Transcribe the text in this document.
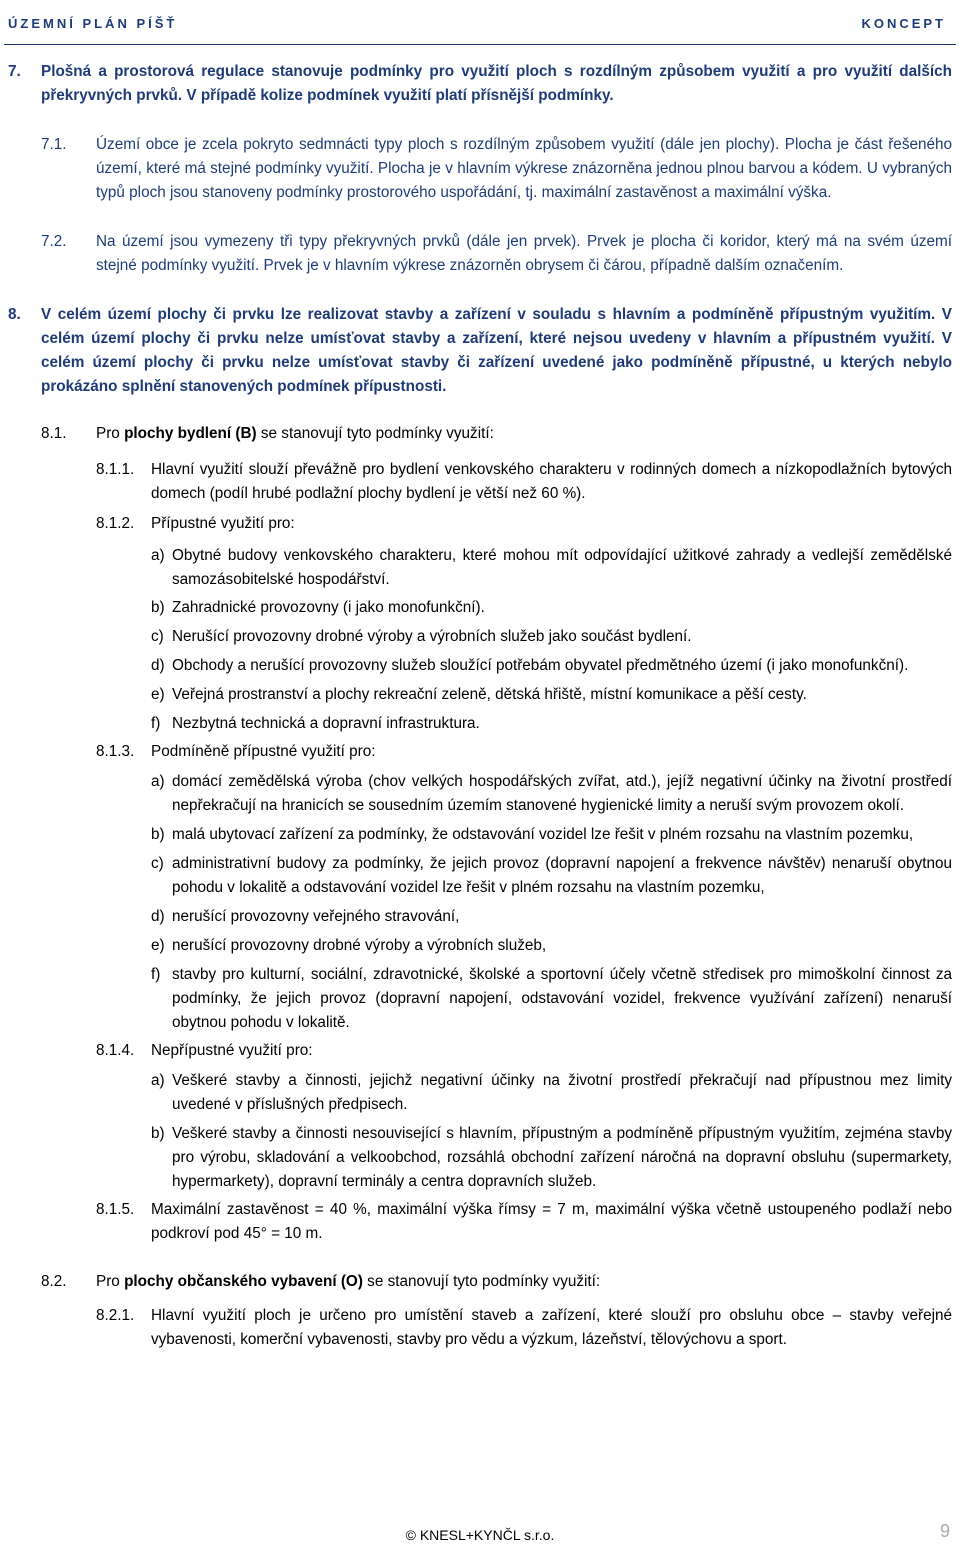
ÚZEMNÍ PLÁN PÍŠŤ	KONCEPT
7. Plošná a prostorová regulace stanovuje podmínky pro využití ploch s rozdílným způsobem využití a pro využití dalších překryvných prvků. V případě kolize podmínek využití platí přísnější podmínky.
7.1. Území obce je zcela pokryto sedmnácti typy ploch s rozdílným způsobem využití (dále jen plochy). Plocha je část řešeného území, které má stejné podmínky využití. Plocha je v hlavním výkrese znázorněna jednou plnou barvou a kódem. U vybraných typů ploch jsou stanoveny podmínky prostorového uspořádání, tj. maximální zastavěnost a maximální výška.
7.2. Na území jsou vymezeny tři typy překryvných prvků (dále jen prvek). Prvek je plocha či koridor, který má na svém území stejné podmínky využití. Prvek je v hlavním výkrese znázorněn obrysem či čárou, případně dalším označením.
8. V celém území plochy či prvku lze realizovat stavby a zařízení v souladu s hlavním a podmíněně přípustným využitím. V celém území plochy či prvku nelze umísťovat stavby a zařízení, které nejsou uvedeny v hlavním a přípustném využití. V celém území plochy či prvku nelze umísťovat stavby či zařízení uvedené jako podmíněně přípustné, u kterých nebylo prokázáno splnění stanovených podmínek přípustnosti.
8.1. Pro plochy bydlení (B) se stanovují tyto podmínky využití:
8.1.1. Hlavní využití slouží převážně pro bydlení venkovského charakteru v rodinných domech a nízkopodlažních bytových domech (podíl hrubé podlažní plochy bydlení je větší než 60 %).
8.1.2. Přípustné využití pro:
a) Obytné budovy venkovského charakteru, které mohou mít odpovídající užitkové zahrady a vedlejší zemědělské samozásobitelské hospodářství.
b) Zahradnické provozovny (i jako monofunkční).
c) Nerušící provozovny drobné výroby a výrobních služeb jako součást bydlení.
d) Obchody a nerušící provozovny služeb sloužící potřebám obyvatel předmětného území (i jako monofunkční).
e) Veřejná prostranství a plochy rekreační zeleně, dětská hřiště, místní komunikace a pěší cesty.
f) Nezbytná technická a dopravní infrastruktura.
8.1.3. Podmíněně přípustné využití pro:
a) domácí zemědělská výroba (chov velkých hospodářských zvířat, atd.), jejíž negativní účinky na životní prostředí nepřekračují na hranicích se sousedním územím stanovené hygienické limity a neruší svým provozem okolí.
b) malá ubytovací zařízení za podmínky, že odstavování vozidel lze řešit v plném rozsahu na vlastním pozemku,
c) administrativní budovy za podmínky, že jejich provoz (dopravní napojení a frekvence návštěv) nenaruší obytnou pohodu v lokalitě a odstavování vozidel lze řešit v plném rozsahu na vlastním pozemku,
d) nerušící provozovny veřejného stravování,
e) nerušící provozovny drobné výroby a výrobních služeb,
f) stavby pro kulturní, sociální, zdravotnické, školské a sportovní účely včetně středisek pro mimoškolní činnost za podmínky, že jejich provoz (dopravní napojení, odstavování vozidel, frekvence využívání zařízení) nenaruší obytnou pohodu v lokalitě.
8.1.4. Nepřípustné využití pro:
a) Veškeré stavby a činnosti, jejichž negativní účinky na životní prostředí překračují nad přípustnou mez limity uvedené v příslušných předpisech.
b) Veškeré stavby a činnosti nesouvisející s hlavním, přípustným a podmíněně přípustným využitím, zejména stavby pro výrobu, skladování a velkoobchod, rozsáhlá obchodní zařízení náročná na dopravní obsluhu (supermarkety, hypermarkety), dopravní terminály a centra dopravních služeb.
8.1.5. Maximální zastavěnost = 40 %, maximální výška římsy = 7 m, maximální výška včetně ustoupeného podlaží nebo podkroví pod 45° = 10 m.
8.2. Pro plochy občanského vybavení (O) se stanovují tyto podmínky využití:
8.2.1. Hlavní využití ploch je určeno pro umístění staveb a zařízení, které slouží pro obsluhu obce – stavby veřejné vybavenosti, komerční vybavenosti, stavby pro vědu a výzkum, lázeňství, tělovýchovu a sport.
© KNESL+KYNČL s.r.o.	9
